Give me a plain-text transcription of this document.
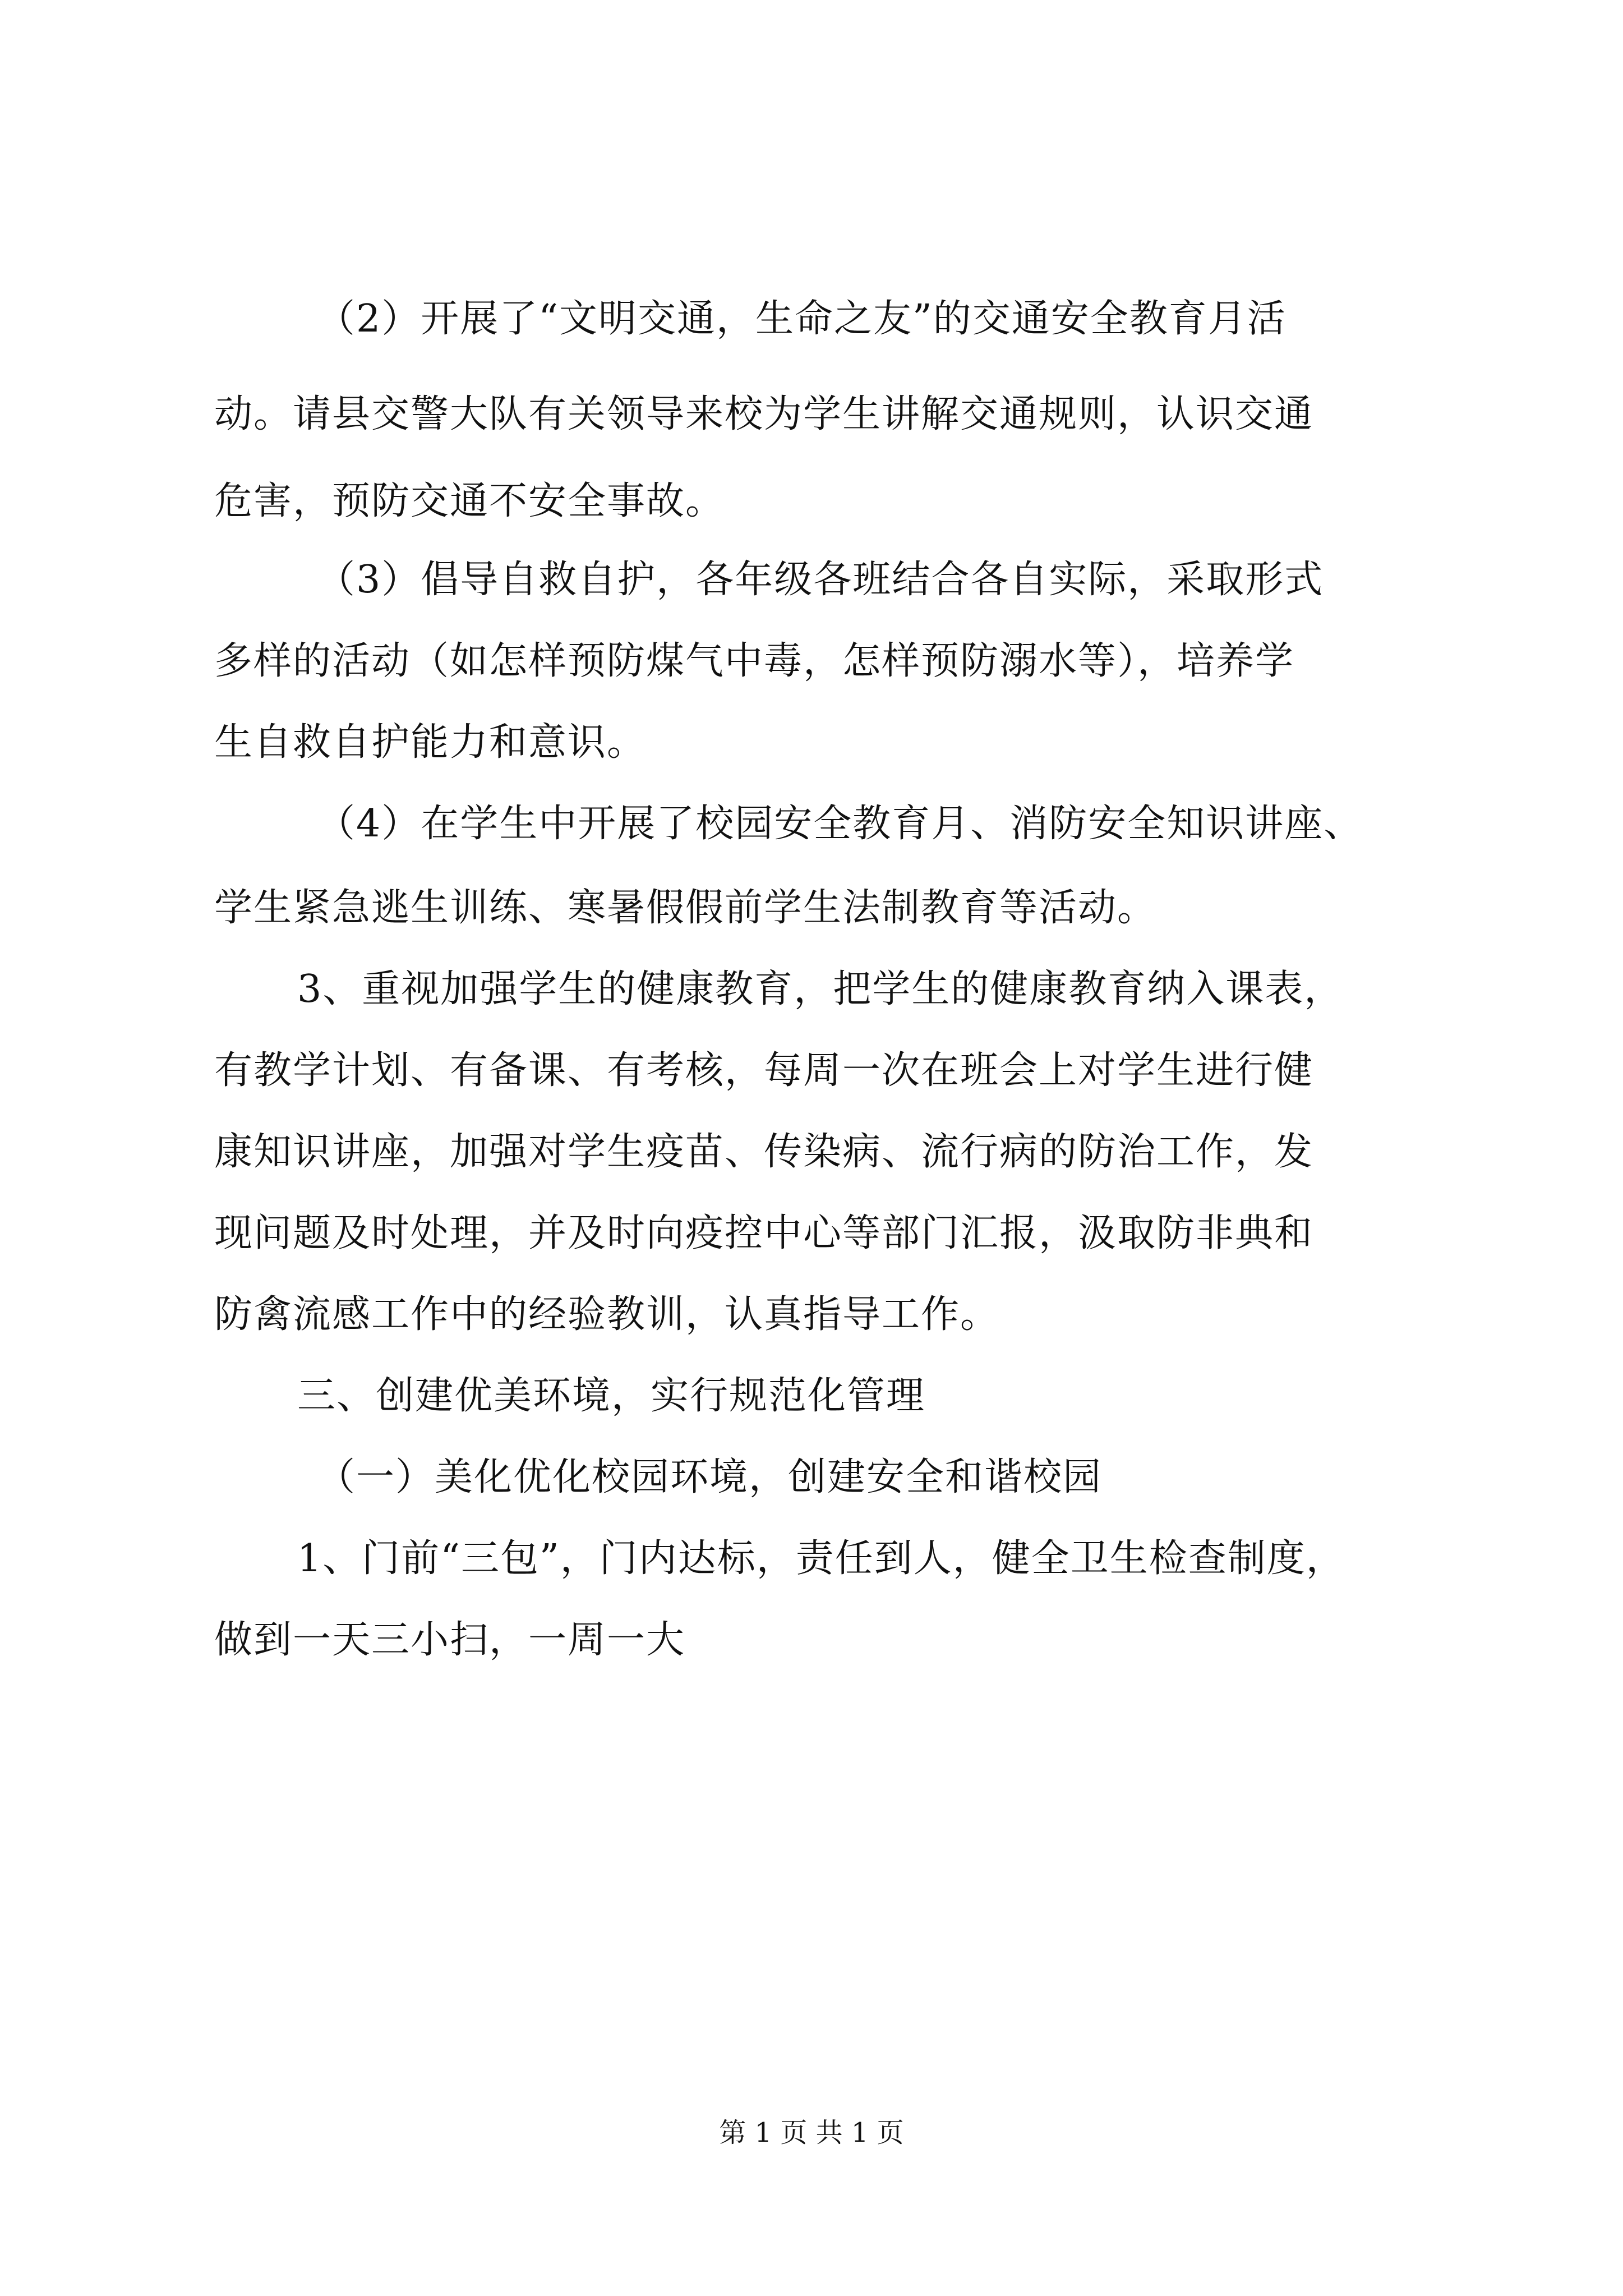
（2）开展了“文明交通，生命之友”的交通安全教育月活
动。请县交警大队有关领导来校为学生讲解交通规则，认识交通
危害，预防交通不安全事故。
（3）倡导自救自护，各年级各班结合各自实际，采取形式
多样的活动（如怎样预防煤气中毒，怎样预防溺水等），培养学
生自救自护能力和意识。
（4）在学生中开展了校园安全教育月、消防安全知识讲座、
学生紧急逃生训练、寒暑假假前学生法制教育等活动。
3、重视加强学生的健康教育，把学生的健康教育纳入课表，
有教学计划、有备课、有考核，每周一次在班会上对学生进行健
康知识讲座，加强对学生疫苗、传染病、流行病的防治工作，发
现问题及时处理，并及时向疫控中心等部门汇报，汲取防非典和
防禽流感工作中的经验教训，认真指导工作。
三、创建优美环境，实行规范化管理
（一）美化优化校园环境，创建安全和谐校园
1、门前“三包”，门内达标，责任到人，健全卫生检查制度，
做到一天三小扫，一周一大
第 1 页 共 1 页
